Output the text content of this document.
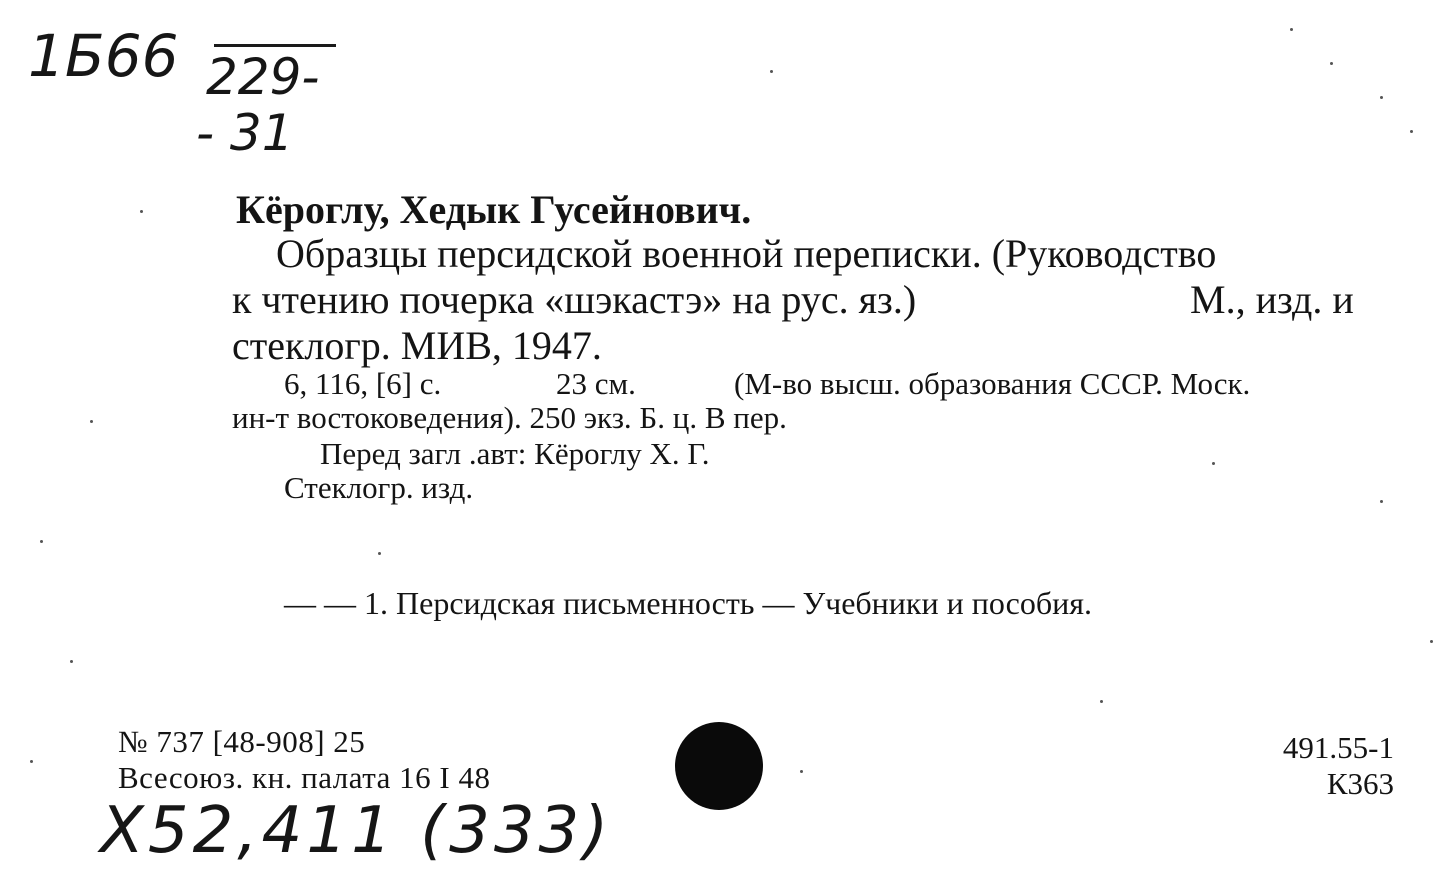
1Б66 229-
- 31
Кёроглу, Хедык Гусейнович.
Образцы персидской военной переписки. (Руководство
к чтению почерка «шэкастэ» на рус. яз.)	М., изд. и
стеклогр. МИВ, 1947.
6, 116, [6] с.	23 см.	(М-во высш. образования СССР. Моск.
ин-т востоковедения). 250 экз. Б. ц. В пер.
Перед загл .авт: Кёроглу Х. Г.
Стеклогр. изд.
— — 1. Персидская письменность — Учебники и пособия.
№ 737 [48-908] 25
Всесоюз. кн. палата 16 I 48
491.55-1
К363
X52,411 (333)
